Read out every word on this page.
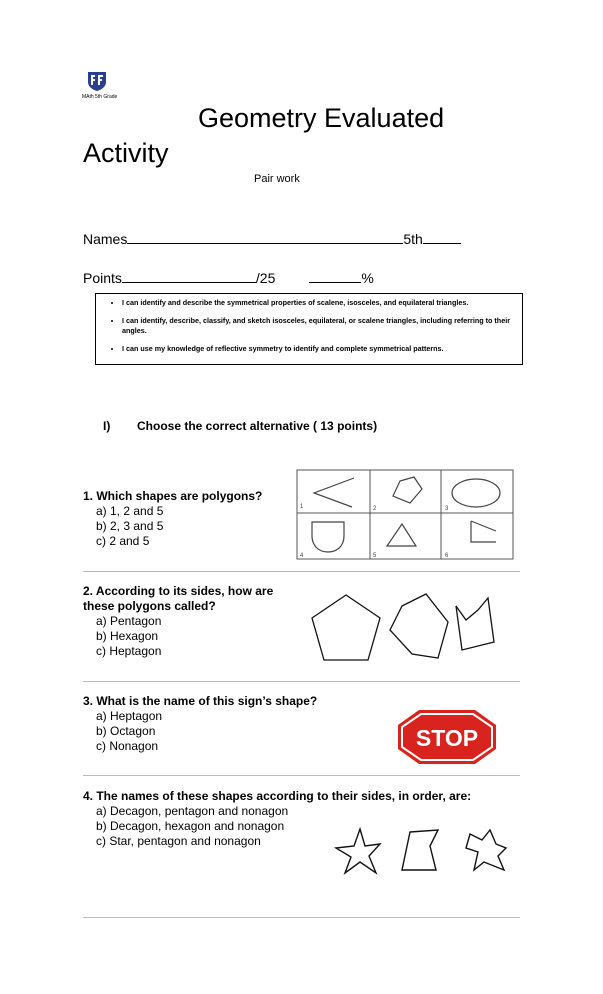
MAth 5th Grade
Geometry Evaluated
Activity
Pair work
Names	5th
Points	/25	%
• I can identify and describe the symmetrical properties of scalene, isosceles, and equilateral triangles.
• I can identify, describe, classify, and sketch isosceles, equilateral, or scalene triangles, including referring to their angles.
• I can use my knowledge of reflective symmetry to identify and complete symmetrical patterns.
I) Choose the correct alternative ( 13 points)
1. Which shapes are polygons?
a) 1, 2 and 5
b) 2, 3 and 5
c) 2 and 5
1	2	3
4	5	6
2. According to its sides, how are
these polygons called?
a) Pentagon
b) Hexagon
c) Heptagon
3. What is the name of this sign’s shape?
a) Heptagon
b) Octagon
c) Nonagon	STOP
4. The names of these shapes according to their sides, in order, are:
a) Decagon, pentagon and nonagon
b) Decagon, hexagon and nonagon
c) Star, pentagon and nonagon
